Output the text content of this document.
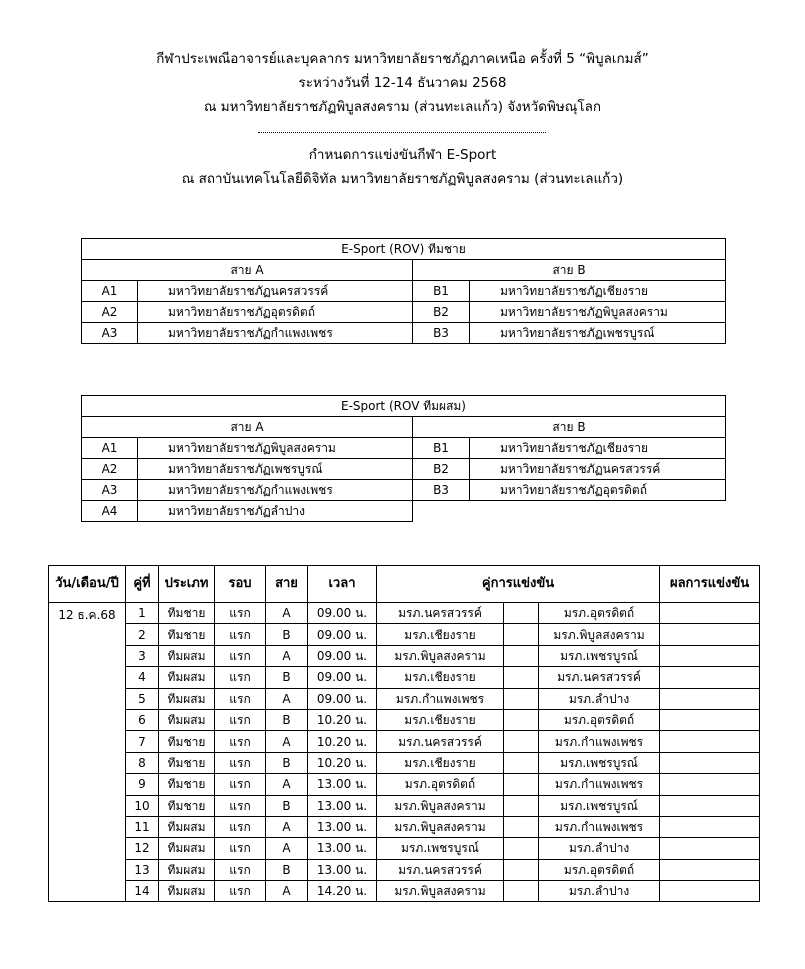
กีฬาประเพณีอาจารย์และบุคลากร มหาวิทยาลัยราชภัฏภาคเหนือ ครั้งที่ 5 “พิบูลเกมส์”
ระหว่างวันที่ 12-14 ธันวาคม 2568
ณ มหาวิทยาลัยราชภัฏพิบูลสงคราม (ส่วนทะเลแก้ว) จังหวัดพิษณุโลก
กำหนดการแข่งขันกีฬา E-Sport
ณ สถาบันเทคโนโลยีดิจิทัล มหาวิทยาลัยราชภัฏพิบูลสงคราม (ส่วนทะเลแก้ว)
E-Sport (ROV) ทีมชาย			
สาย A		สาย B	
A1	มหาวิทยาลัยราชภัฏนครสวรรค์	B1	มหาวิทยาลัยราชภัฏเชียงราย
A2	มหาวิทยาลัยราชภัฏอุตรดิตถ์	B2	มหาวิทยาลัยราชภัฏพิบูลสงคราม
A3	มหาวิทยาลัยราชภัฏกำแพงเพชร	B3	มหาวิทยาลัยราชภัฏเพชรบูรณ์
E-Sport (ROV ทีมผสม)			
สาย A		สาย B	
A1	มหาวิทยาลัยราชภัฏพิบูลสงคราม	B1	มหาวิทยาลัยราชภัฏเชียงราย
A2	มหาวิทยาลัยราชภัฏเพชรบูรณ์	B2	มหาวิทยาลัยราชภัฏนครสวรรค์
A3	มหาวิทยาลัยราชภัฏกำแพงเพชร	B3	มหาวิทยาลัยราชภัฏอุตรดิตถ์
A4	มหาวิทยาลัยราชภัฏลำปาง		
วัน/เดือน/ปี	คู่ที่	ประเภท	รอบ	สาย	เวลา	คู่การแข่งขัน			ผลการแข่งขัน
12 ธ.ค.68	1	ทีมชาย	แรก	A	09.00 น.	มรภ.นครสวรรค์		มรภ.อุตรดิตถ์	
	2	ทีมชาย	แรก	B	09.00 น.	มรภ.เชียงราย		มรภ.พิบูลสงคราม	
	3	ทีมผสม	แรก	A	09.00 น.	มรภ.พิบูลสงคราม		มรภ.เพชรบูรณ์	
	4	ทีมผสม	แรก	B	09.00 น.	มรภ.เชียงราย		มรภ.นครสวรรค์	
	5	ทีมผสม	แรก	A	09.00 น.	มรภ.กำแพงเพชร		มรภ.ลำปาง	
	6	ทีมผสม	แรก	B	10.20 น.	มรภ.เชียงราย		มรภ.อุตรดิตถ์	
	7	ทีมชาย	แรก	A	10.20 น.	มรภ.นครสวรรค์		มรภ.กำแพงเพชร	
	8	ทีมชาย	แรก	B	10.20 น.	มรภ.เชียงราย		มรภ.เพชรบูรณ์	
	9	ทีมชาย	แรก	A	13.00 น.	มรภ.อุตรดิตถ์		มรภ.กำแพงเพชร	
	10	ทีมชาย	แรก	B	13.00 น.	มรภ.พิบูลสงคราม		มรภ.เพชรบูรณ์	
	11	ทีมผสม	แรก	A	13.00 น.	มรภ.พิบูลสงคราม		มรภ.กำแพงเพชร	
	12	ทีมผสม	แรก	A	13.00 น.	มรภ.เพชรบูรณ์		มรภ.ลำปาง	
	13	ทีมผสม	แรก	B	13.00 น.	มรภ.นครสวรรค์		มรภ.อุตรดิตถ์	
	14	ทีมผสม	แรก	A	14.20 น.	มรภ.พิบูลสงคราม		มรภ.ลำปาง	
